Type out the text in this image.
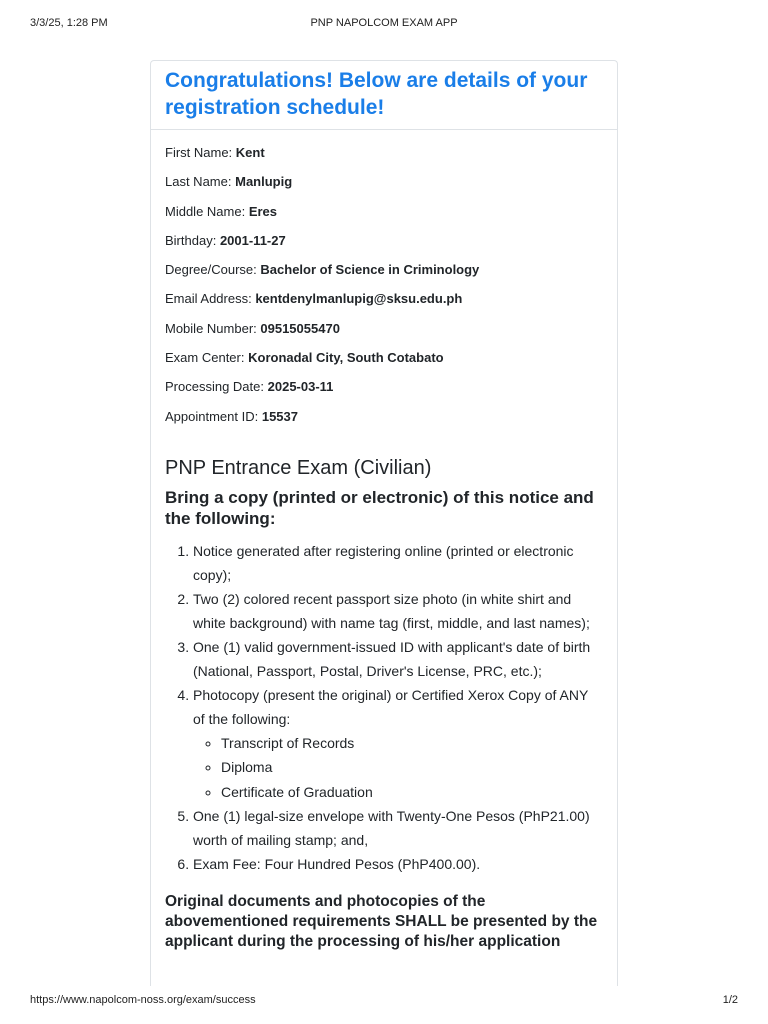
3/3/25, 1:28 PM	PNP NAPOLCOM EXAM APP
Congratulations! Below are details of your registration schedule!

First Name: Kent

Last Name: Manlupig

Middle Name: Eres

Birthday: 2001-11-27

Degree/Course: Bachelor of Science in Criminology

Email Address: kentdenylmanlupig@sksu.edu.ph

Mobile Number: 09515055470

Exam Center: Koronadal City, South Cotabato

Processing Date: 2025-03-11

Appointment ID: 15537

PNP Entrance Exam (Civilian)
Bring a copy (printed or electronic) of this notice and the following:
1. Notice generated after registering online (printed or electronic copy);
2. Two (2) colored recent passport size photo (in white shirt and white background) with name tag (first, middle, and last names);
3. One (1) valid government-issued ID with applicant's date of birth (National, Passport, Postal, Driver's License, PRC, etc.);
4. Photocopy (present the original) or Certified Xerox Copy of ANY of the following:
◦ Transcript of Records
◦ Diploma
◦ Certificate of Graduation
5. One (1) legal-size envelope with Twenty-One Pesos (PhP21.00) worth of mailing stamp; and,
6. Exam Fee: Four Hundred Pesos (PhP400.00).

Original documents and photocopies of the abovementioned requirements SHALL be presented by the applicant during the processing of his/her application

https://www.napolcom-noss.org/exam/success	1/2
